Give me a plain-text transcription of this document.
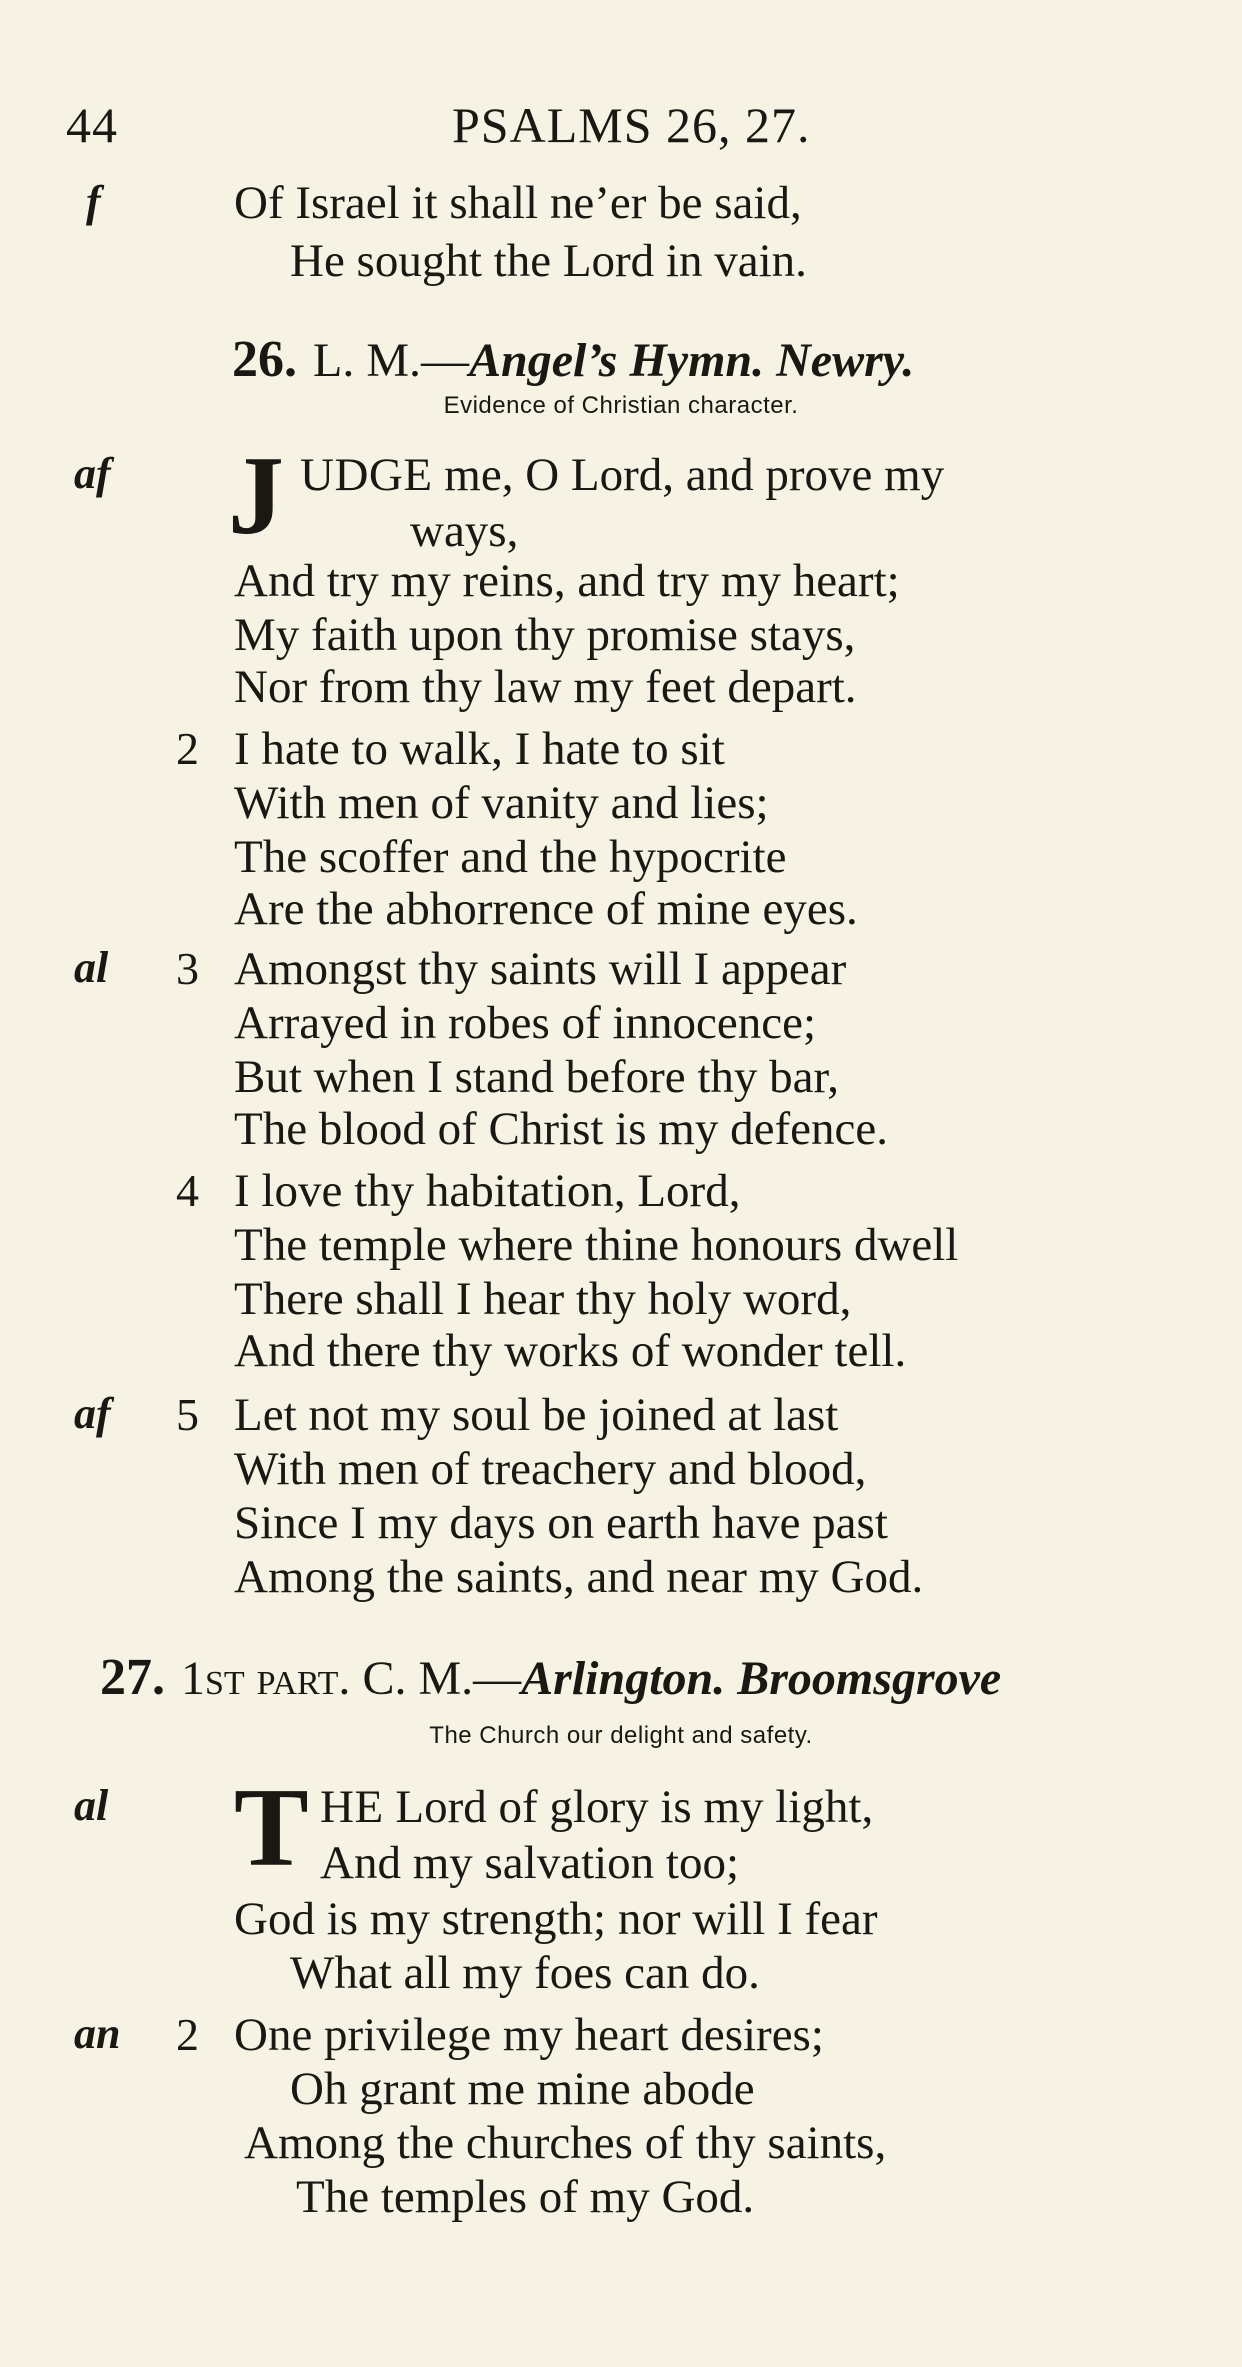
44	PSALMS 26, 27.
f	Of Israel it shall ne’er be said,
He sought the Lord in vain.
26. L. M.—Angel’s Hymn. Newry.
Evidence of Christian character.
af J UDGE me, O Lord, and prove my
ways,
And try my reins, and try my heart;
My faith upon thy promise stays,
Nor from thy law my feet depart.
2 I hate to walk, I hate to sit
With men of vanity and lies;
The scoffer and the hypocrite
Are the abhorrence of mine eyes.
al 3 Amongst thy saints will I appear
Arrayed in robes of innocence;
But when I stand before thy bar,
The blood of Christ is my defence.
4 I love thy habitation, Lord,
The temple where thine honours dwell
There shall I hear thy holy word,
And there thy works of wonder tell.
af 5 Let not my soul be joined at last
With men of treachery and blood,
Since I my days on earth have past
Among the saints, and near my God.
27. 1st part. C. M.—Arlington. Broomsgrove
The Church our delight and safety.
al T HE Lord of glory is my light,
And my salvation too;
God is my strength; nor will I fear
What all my foes can do.
an 2 One privilege my heart desires;
Oh grant me mine abode
Among the churches of thy saints,
The temples of my God.
